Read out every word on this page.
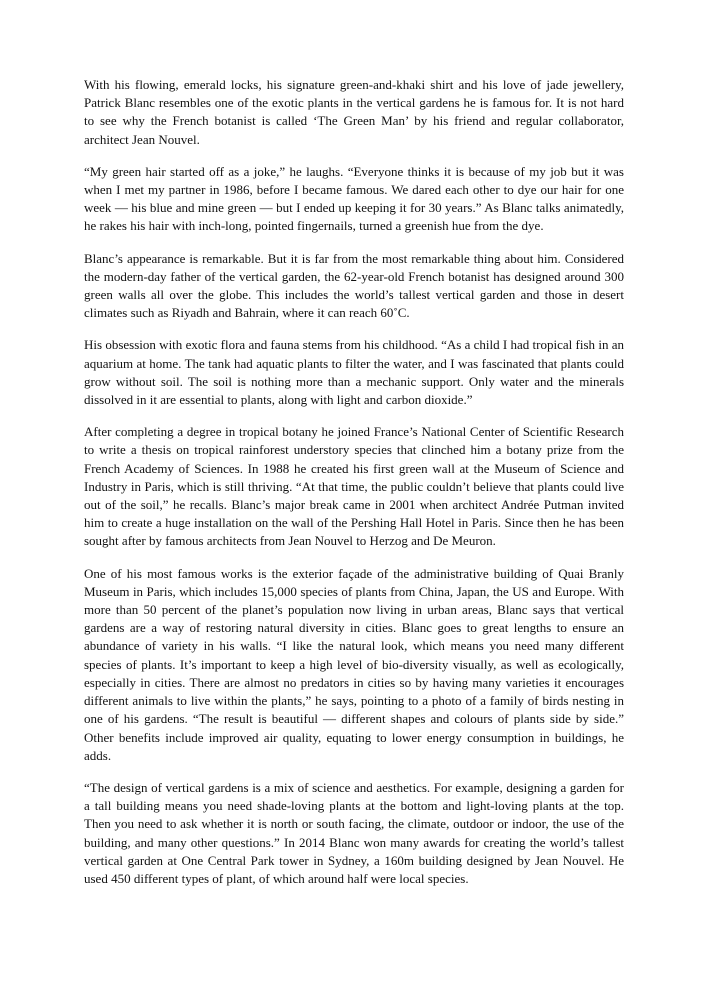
With his flowing, emerald locks, his signature green-and-khaki shirt and his love of jade jewellery, Patrick Blanc resembles one of the exotic plants in the vertical gardens he is famous for. It is not hard to see why the French botanist is called ‘The Green Man’ by his friend and regular collaborator, architect Jean Nouvel.

“My green hair started off as a joke,” he laughs. “Everyone thinks it is because of my job but it was when I met my partner in 1986, before I became famous. We dared each other to dye our hair for one week — his blue and mine green — but I ended up keeping it for 30 years.” As Blanc talks animatedly, he rakes his hair with inch-long, pointed fingernails, turned a greenish hue from the dye.

Blanc’s appearance is remarkable. But it is far from the most remarkable thing about him. Considered the modern-day father of the vertical garden, the 62-year-old French botanist has designed around 300 green walls all over the globe. This includes the world’s tallest vertical garden and those in desert climates such as Riyadh and Bahrain, where it can reach 60˚C.

His obsession with exotic flora and fauna stems from his childhood. “As a child I had tropical fish in an aquarium at home. The tank had aquatic plants to filter the water, and I was fascinated that plants could grow without soil. The soil is nothing more than a mechanic support. Only water and the minerals dissolved in it are essential to plants, along with light and carbon dioxide.”

After completing a degree in tropical botany he joined France’s National Center of Scientific Research to write a thesis on tropical rainforest understory species that clinched him a botany prize from the French Academy of Sciences. In 1988 he created his first green wall at the Museum of Science and Industry in Paris, which is still thriving. “At that time, the public couldn’t believe that plants could live out of the soil,” he recalls. Blanc’s major break came in 2001 when architect Andrée Putman invited him to create a huge installation on the wall of the Pershing Hall Hotel in Paris. Since then he has been sought after by famous architects from Jean Nouvel to Herzog and De Meuron.

One of his most famous works is the exterior façade of the administrative building of Quai Branly Museum in Paris, which includes 15,000 species of plants from China, Japan, the US and Europe. With more than 50 percent of the planet’s population now living in urban areas, Blanc says that vertical gardens are a way of restoring natural diversity in cities. Blanc goes to great lengths to ensure an abundance of variety in his walls. “I like the natural look, which means you need many different species of plants. It’s important to keep a high level of bio-diversity visually, as well as ecologically, especially in cities. There are almost no predators in cities so by having many varieties it encourages different animals to live within the plants,” he says, pointing to a photo of a family of birds nesting in one of his gardens. “The result is beautiful — different shapes and colours of plants side by side.” Other benefits include improved air quality, equating to lower energy consumption in buildings, he adds.

“The design of vertical gardens is a mix of science and aesthetics. For example, designing a garden for a tall building means you need shade-loving plants at the bottom and light-loving plants at the top. Then you need to ask whether it is north or south facing, the climate, outdoor or indoor, the use of the building, and many other questions.” In 2014 Blanc won many awards for creating the world’s tallest vertical garden at One Central Park tower in Sydney, a 160m building designed by Jean Nouvel. He used 450 different types of plant, of which around half were local species.
